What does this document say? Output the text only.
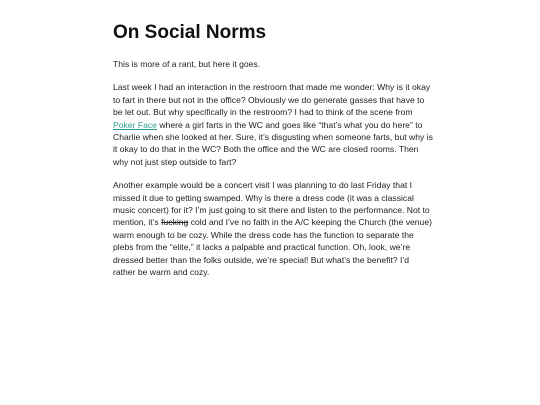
On Social Norms

This is more of a rant, but here it goes.

Last week I had an interaction in the restroom that made me wonder: Why is it okay to fart in there but not in the office? Obviously we do generate gasses that have to be let out. But why specifically in the restroom? I had to think of the scene from Poker Face where a girl farts in the WC and goes like “that’s what you do here” to Charlie when she looked at her. Sure, it’s disgusting when someone farts, but why is it okay to do that in the WC? Both the office and the WC are closed rooms. Then why not just step outside to fart?

Another example would be a concert visit I was planning to do last Friday that I missed it due to getting swamped. Why is there a dress code (it was a classical music concert) for it? I’m just going to sit there and listen to the performance. Not to mention, it’s fucking cold and I’ve no faith in the A/C keeping the Church (the venue) warm enough to be cozy. While the dress code has the function to separate the plebs from the “elite,” it lacks a palpable and practical function. Oh, look, we’re dressed better than the folks outside, we’re special! But what’s the benefit? I’d rather be warm and cozy.
